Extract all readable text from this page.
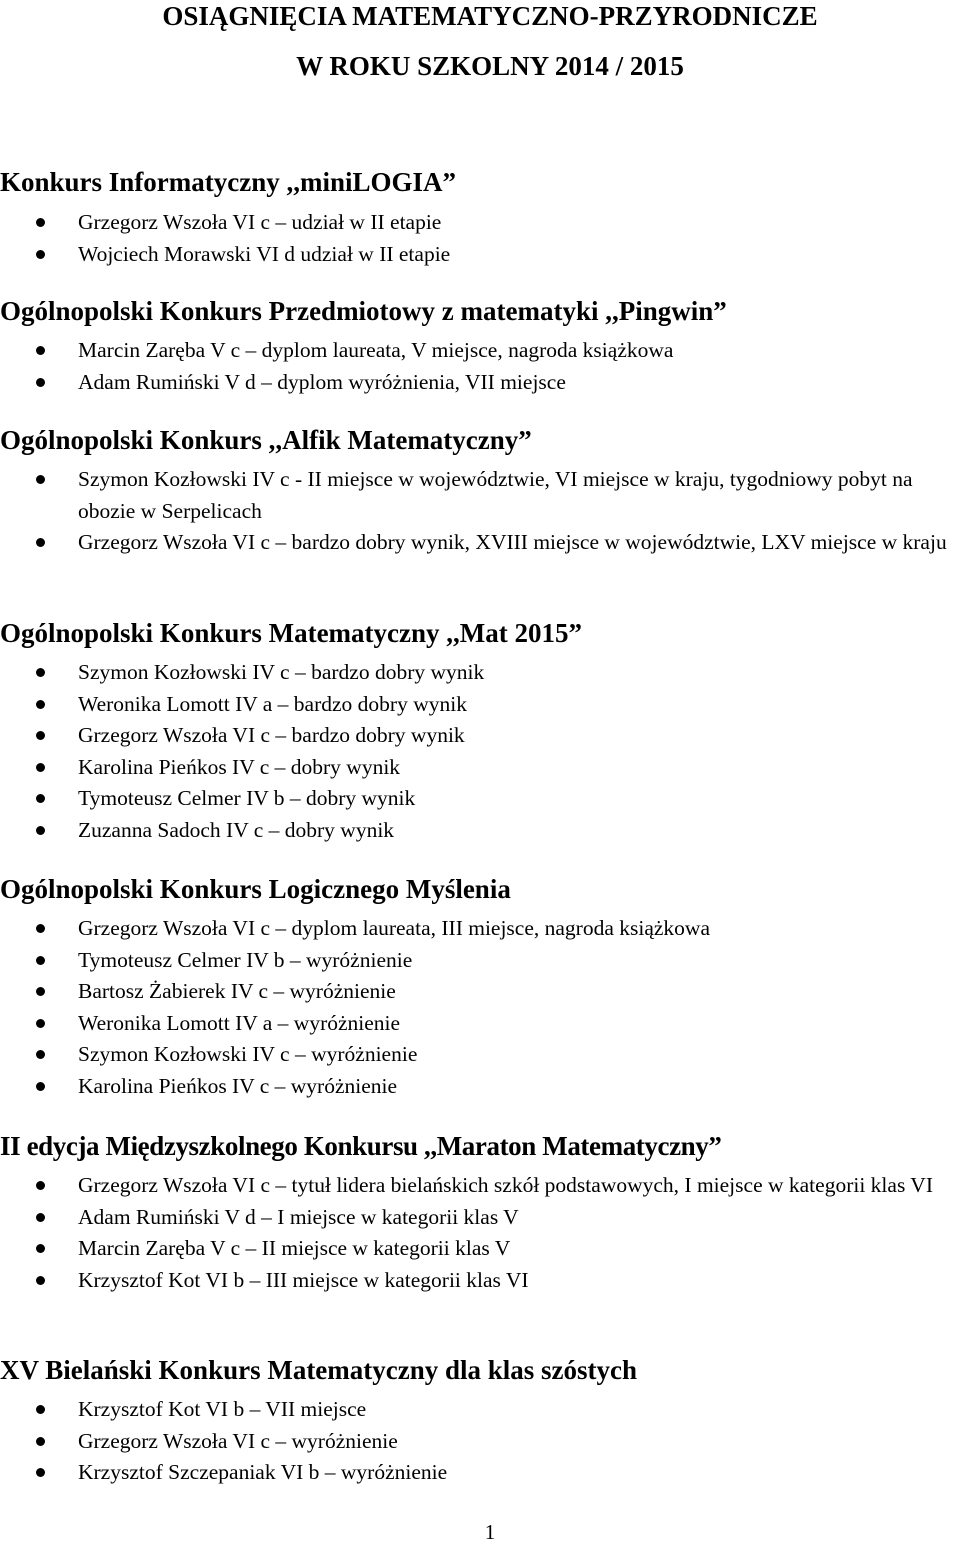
OSIĄGNIĘCIA MATEMATYCZNO-PRZYRODNICZE
W ROKU SZKOLNY 2014 / 2015
Konkurs Informatyczny ,,miniLOGIA”
Grzegorz Wszoła VI c – udział w II etapie
Wojciech Morawski VI d udział w II etapie
Ogólnopolski Konkurs Przedmiotowy z matematyki ,,Pingwin”
Marcin Zaręba V c – dyplom laureata, V miejsce, nagroda książkowa
Adam Rumiński V d – dyplom wyróżnienia, VII miejsce
Ogólnopolski Konkurs ,,Alfik Matematyczny”
Szymon Kozłowski IV c - II miejsce w województwie, VI miejsce w kraju, tygodniowy pobyt na obozie w Serpelicach
Grzegorz Wszoła VI c – bardzo dobry wynik, XVIII miejsce w województwie, LXV miejsce w kraju
Ogólnopolski Konkurs Matematyczny ,,Mat 2015”
Szymon Kozłowski IV c – bardzo dobry wynik
Weronika Lomott IV a – bardzo dobry wynik
Grzegorz Wszoła VI c – bardzo dobry wynik
Karolina Pieńkos IV c – dobry wynik
Tymoteusz Celmer IV b – dobry wynik
Zuzanna Sadoch IV c – dobry wynik
Ogólnopolski Konkurs Logicznego Myślenia
Grzegorz Wszoła VI c – dyplom laureata, III miejsce, nagroda książkowa
Tymoteusz Celmer IV b – wyróżnienie
Bartosz Żabierek IV c – wyróżnienie
Weronika Lomott IV a – wyróżnienie
Szymon Kozłowski IV c – wyróżnienie
Karolina Pieńkos IV c – wyróżnienie
II edycja Międzyszkolnego Konkursu ,,Maraton Matematyczny”
Grzegorz Wszoła VI c – tytuł lidera bielańskich szkół podstawowych, I miejsce w kategorii klas VI
Adam Rumiński V d – I miejsce w kategorii klas V
Marcin Zaręba V c – II miejsce w kategorii klas V
Krzysztof Kot VI b – III miejsce w kategorii klas VI
XV Bielański Konkurs Matematyczny dla klas szóstych
Krzysztof Kot VI b – VII miejsce
Grzegorz Wszoła VI c – wyróżnienie
Krzysztof Szczepaniak VI b – wyróżnienie
1
